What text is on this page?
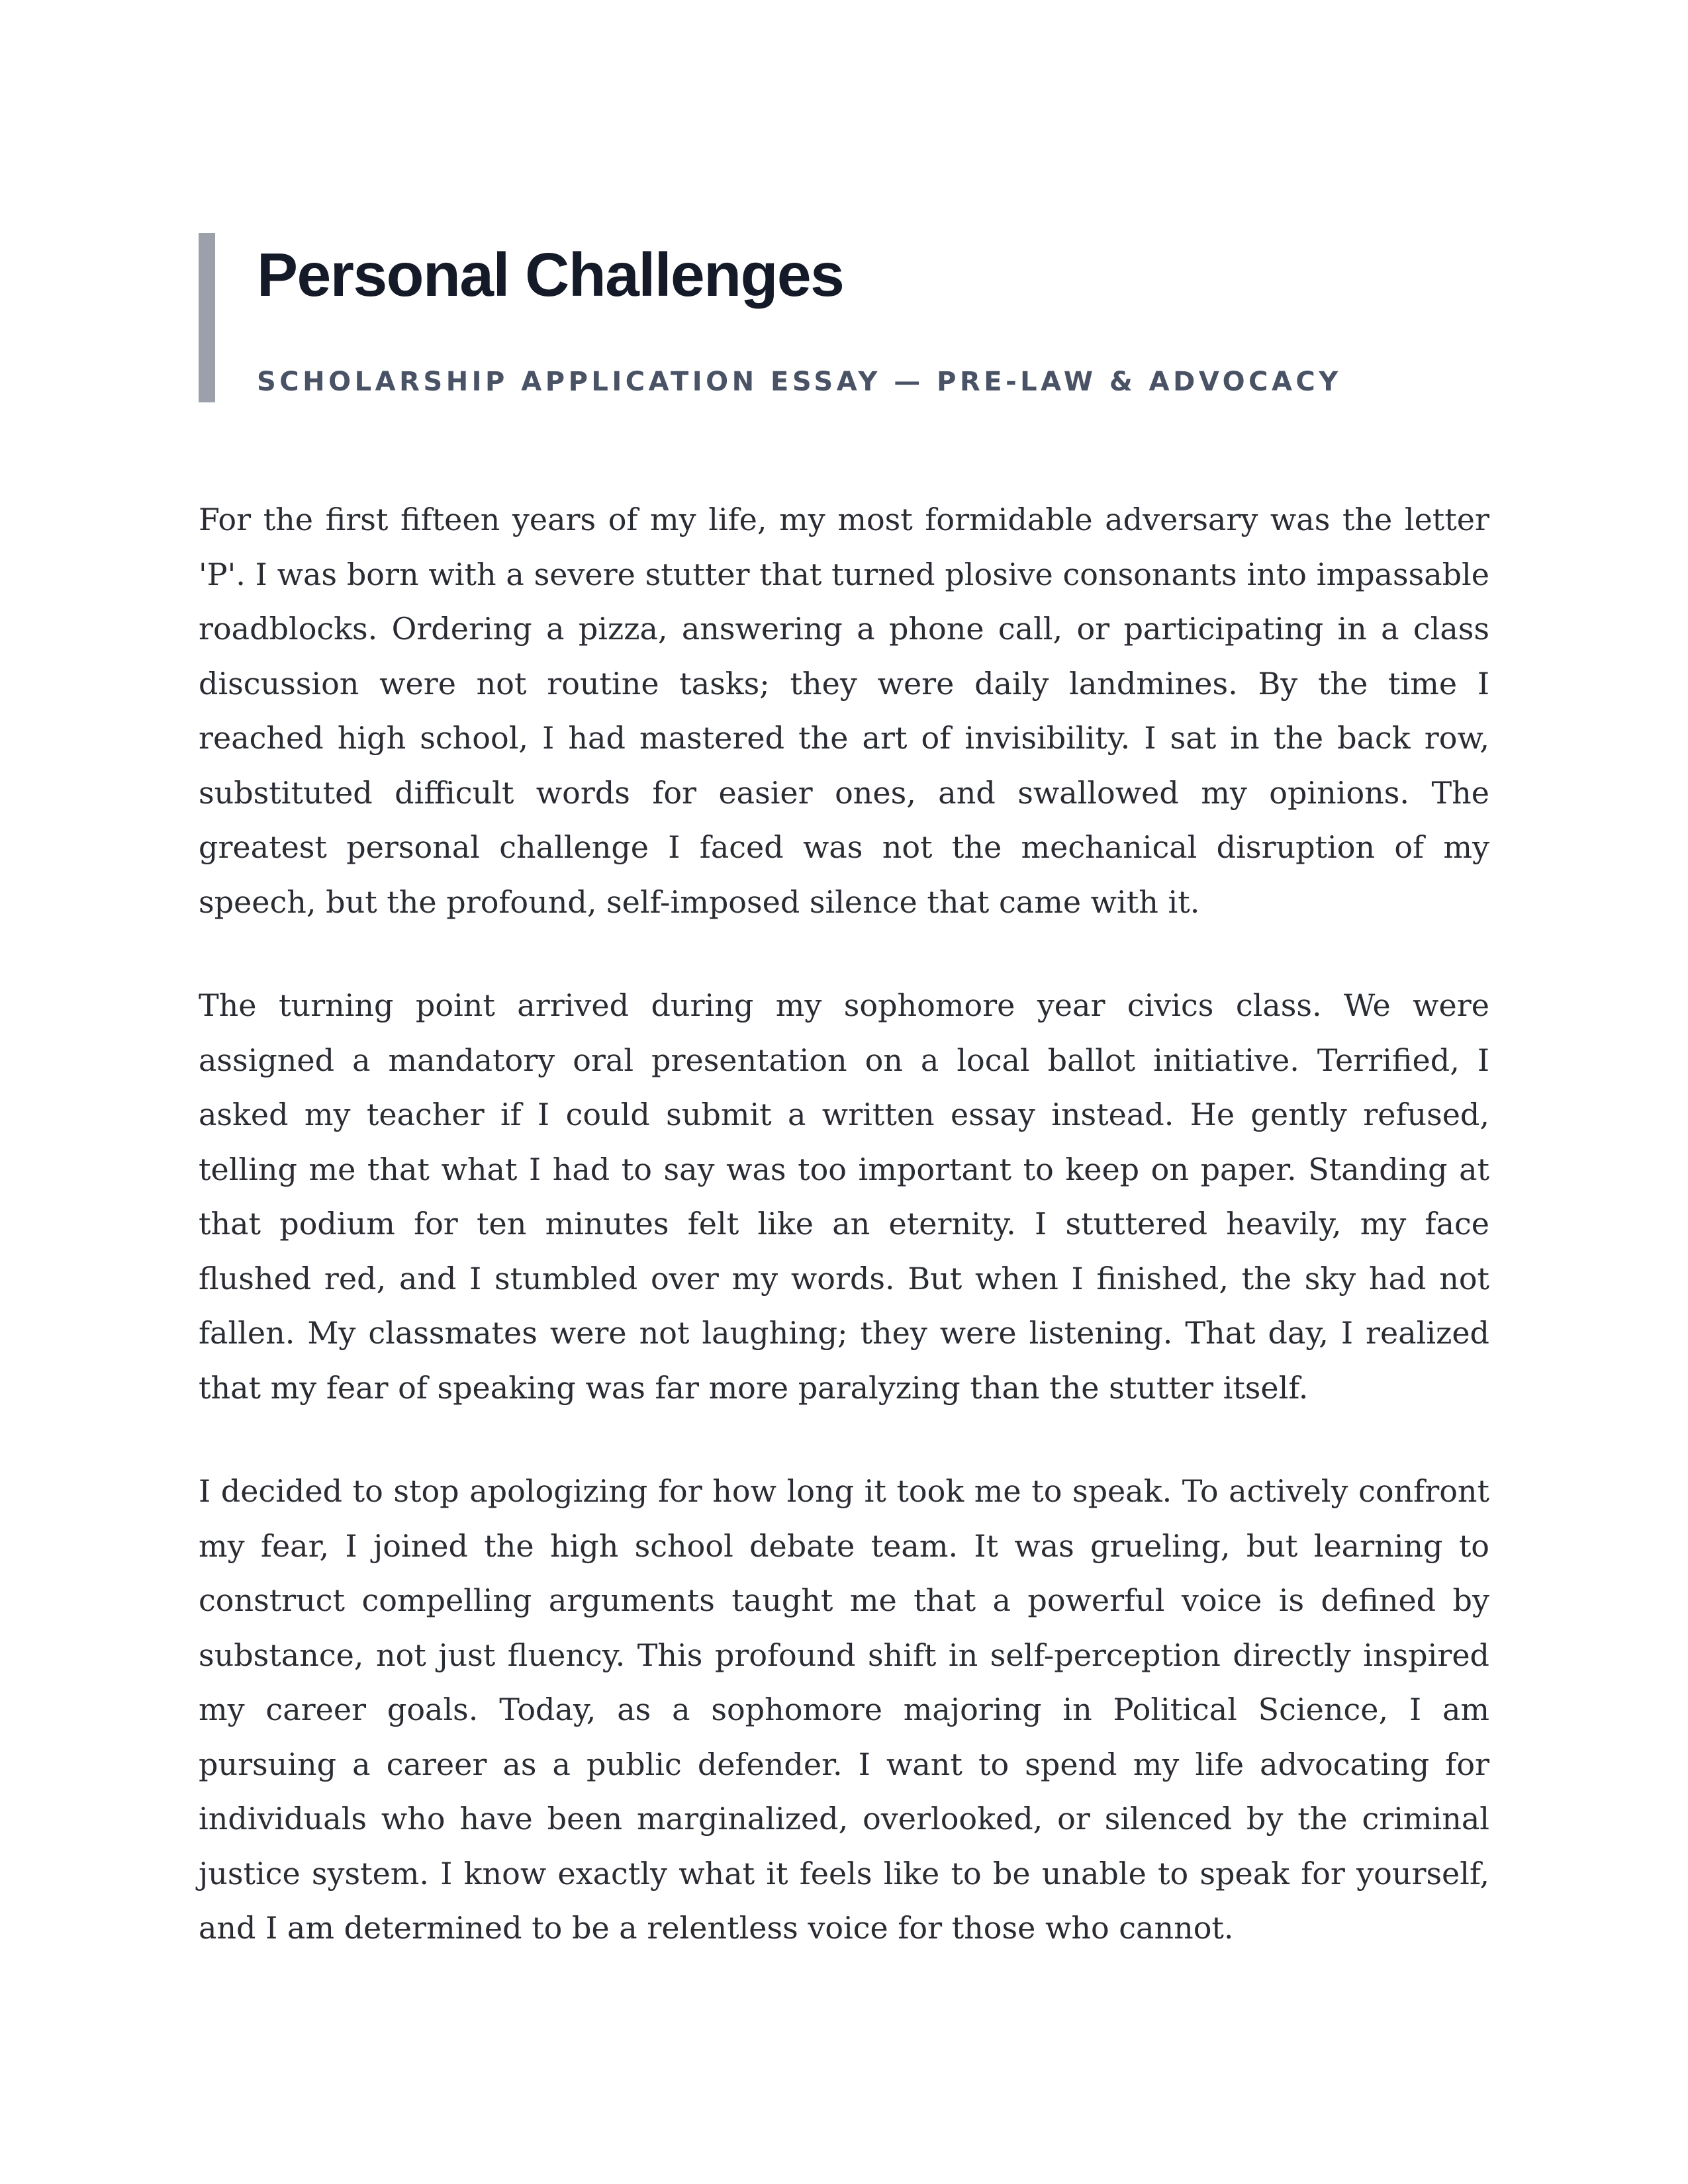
Personal Challenges
SCHOLARSHIP APPLICATION ESSAY — PRE-LAW & ADVOCACY

For the first fifteen years of my life, my most formidable adversary was the letter 'P'. I was born with a severe stutter that turned plosive consonants into impassable roadblocks. Ordering a pizza, answering a phone call, or participating in a class discussion were not routine tasks; they were daily landmines. By the time I reached high school, I had mastered the art of invisibility. I sat in the back row, substituted difficult words for easier ones, and swallowed my opinions. The greatest personal challenge I faced was not the mechanical disruption of my speech, but the profound, self-imposed silence that came with it.

The turning point arrived during my sophomore year civics class. We were assigned a mandatory oral presentation on a local ballot initiative. Terrified, I asked my teacher if I could submit a written essay instead. He gently refused, telling me that what I had to say was too important to keep on paper. Standing at that podium for ten minutes felt like an eternity. I stuttered heavily, my face flushed red, and I stumbled over my words. But when I finished, the sky had not fallen. My classmates were not laughing; they were listening. That day, I realized that my fear of speaking was far more paralyzing than the stutter itself.

I decided to stop apologizing for how long it took me to speak. To actively confront my fear, I joined the high school debate team. It was grueling, but learning to construct compelling arguments taught me that a powerful voice is defined by substance, not just fluency. This profound shift in self-perception directly inspired my career goals. Today, as a sophomore majoring in Political Science, I am pursuing a career as a public defender. I want to spend my life advocating for individuals who have been marginalized, overlooked, or silenced by the criminal justice system. I know exactly what it feels like to be unable to speak for yourself, and I am determined to be a relentless voice for those who cannot.
